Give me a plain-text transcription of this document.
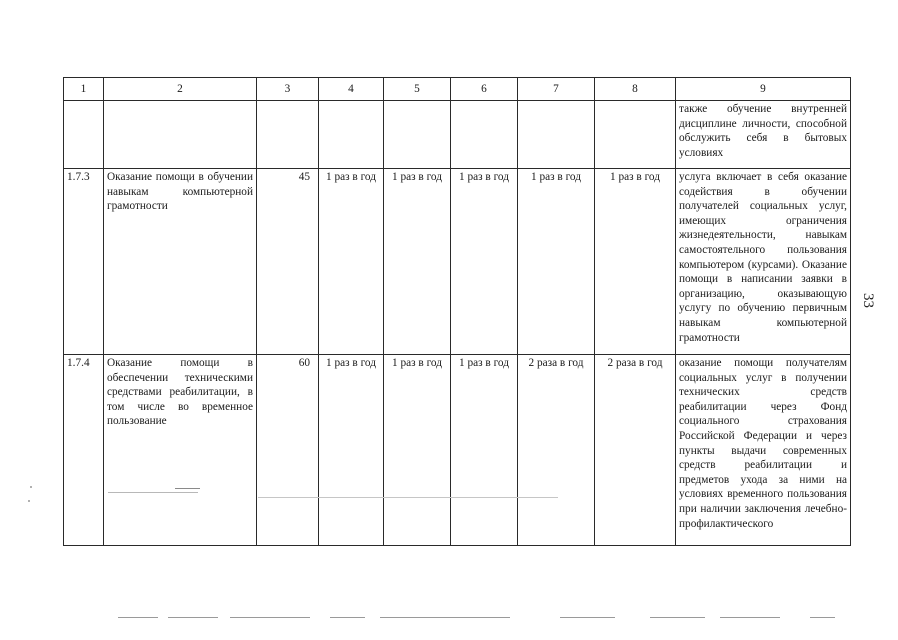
1	2	3	4	5	6	7	8	9
								также обучение внутренней дисциплине личности, способной обслужить себя в бытовых условиях
1.7.3	Оказание помощи в обучении навыкам компьютерной грамотности	45	1 раз в год	1 раз в год	1 раз в год	1 раз в год	1 раз в год	услуга включает в себя оказание содействия в обучении получателей социальных услуг, имеющих ограничения жизнедеятельности, навыкам самостоятельного пользования компьютером (курсами). Оказание помощи в написании заявки в организацию, оказывающую услугу по обучению первичным навыкам компьютерной грамотности
1.7.4	Оказание помощи в обеспечении техническими средствами реабилитации, в том числе во временное пользование	60	1 раз в год	1 раз в год	1 раз в год	2 раза в год	2 раза в год	оказание помощи получателям социальных услуг в получении технических средств реабилитации через Фонд социального страхования Российской Федерации и через пункты выдачи современных средств реабилитации и предметов ухода за ними на условиях временного пользования при наличии заключения лечебно-профилактического
33
